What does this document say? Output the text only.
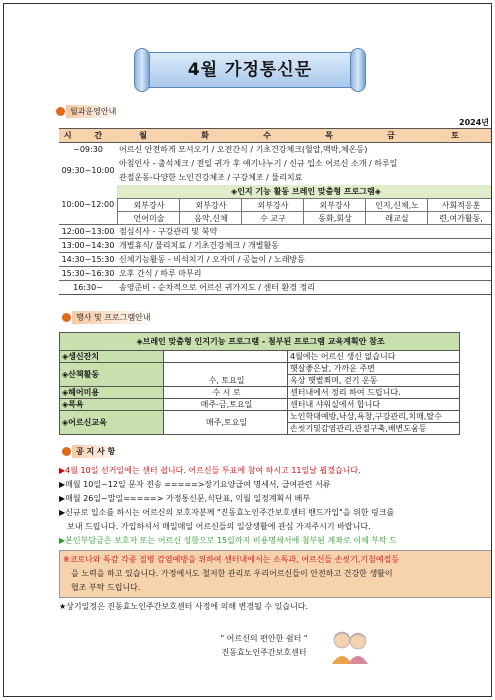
4월 가정통신문
월과운영안내
2024년
시 간	월	화	수	목	금	토
~09:30	어르신 안전하게 모셔오기 / 오전간식 / 기초건강체크(혈압,맥박,체온등)					
09:30~10:00	아침인사 - 출석체크 / 전일 귀가 후 얘기나누기 / 신규 입소 어르신 소개 / 하루일					
	관절운동-다양한 노인건강체조 / 구강체조 / 물리치료					
10:00~12:00	◈인지 기능 활동 브레인 맞춤형 프로그램◈					
	외부강사	외부강사	외부강사	외부강사	인지,신체,노	사회적응훈
	언어미술	음악,신체	수 교구	동화,회상	래교실	련,여가활동,
12:00~13:00	점심식사 - 구강관리 및 북약					
13:00~14:30	개별휴식/ 물리치료 / 기초건강체크 / 개별활동					
14:30~15:30	신체기능활동 - 비석치기 / 오자미 / 공놀이 / 노래방등					
15:30~16:30	오후 간식 / 하루 마무리					
16:30~	송영준비 - 순차적으로 어르신 귀가지도 / 센터 환경 정리					
행사 및 프로그램안내
◈브레인 맞춤형 인지기능 프로그램 - 첨부된 프로그램 교육계획안 참조		
◈생신잔치		4월에는 어르신 생신 없습니다
◈산책활동	수, 토요일	햇살좋은날, 가까운 주변
		옥상 햇볕쬐며, 걷기 운동
◈헤어미용	수 시 로	센터내에서 정리 하여 드립니다.
◈목욕	매주-금,토요일	센터내 샤워실에서 합니다
◈어르신교육	매주,토요일	노인학대예방,낙상,욕창,구강관리,치매,탈수
		손씻기및감염관리,관절구축,배변도움등
공 지 사 항

▶4월 10일 선거일에는 센터 쉽니다. 어르신들 투표에 참여 하시고 11일날 뵙겠습니다.

▶매월 10일~12일 문자 전송 =====>장기요양급여 명세서, 급여관련 서류

▶매월 26일~말일=====> 가정통신문,식단표, 익월 일정계획서 배부

▶신규로 입소를 하시는 어르신의 보호자분께 "진동효노인주간보호센터 밴드가입"을 위한 링크를

보내 드립니다. 가입하셔서 매일매일 어르신들의 일상생활에 관심 가져주시기 바랍니다.

▶본인부담금은 보호자 또는 어르신 성함으로 15일까지 비용명세서에 첨부된 계좌로 이체 부탁 드

※코로나와 독감 각종 질병 감염예방을 위하여 센터내에서는 소독과, 어르신들 손씻기,기침예절등

을 노력을 하고 있습니다. 가정에서도 철저한 관리로 우리어르신들이 안전하고 건강한 생활이

협조 부탁 드립니다.

★상기일정은 진동효노인주간보호센터 사정에 의해 변경될 수 있습니다.

" 어르신의 편안한 쉼터 "

진동효노인주간보호센터
